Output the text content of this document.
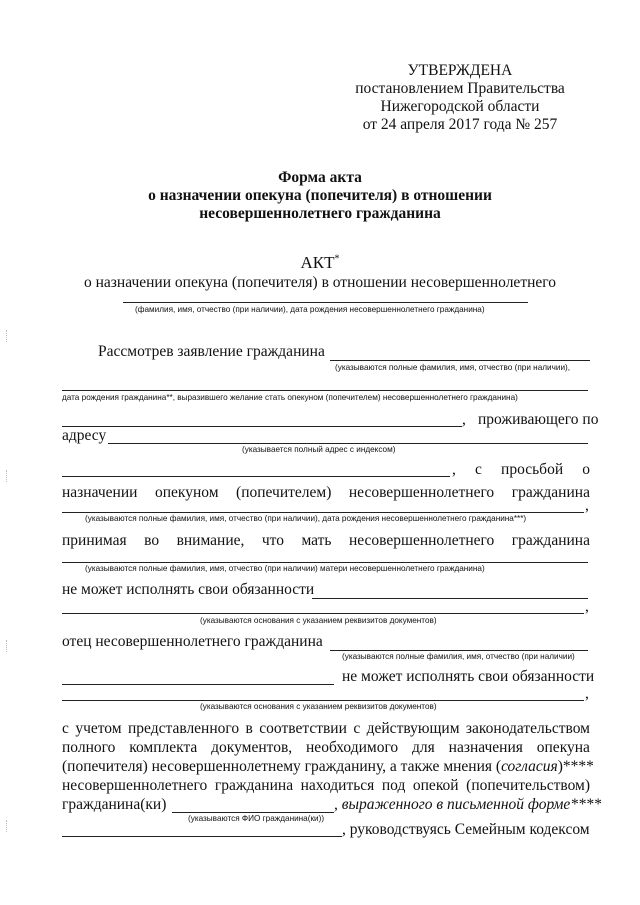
УТВЕРЖДЕНА
постановлением Правительства
Нижегородской области
от 24 апреля 2017 года № 257
Форма акта
о назначении опекуна (попечителя) в отношении
несовершеннолетнего гражданина
АКТ*
о назначении опекуна (попечителя) в отношении несовершеннолетнего
(фамилия, имя, отчество (при наличии), дата рождения несовершеннолетнего гражданина)
Рассмотрев заявление гражданина
(указываются полные фамилия, имя, отчество (при наличии),
дата рождения гражданина**, выразившего желание стать опекуном (попечителем) несовершеннолетнего гражданина)
, проживающего по
адресу
(указывается полный адрес с индексом)
, с просьбой о
назначении опекуном (попечителем) несовершеннолетнего гражданина
,
(указываются полные фамилия, имя, отчество (при наличии), дата рождения несовершеннолетнего гражданина***)
принимая во внимание, что мать несовершеннолетнего гражданина
(указываются полные фамилия, имя, отчество (при наличии) матери несовершеннолетнего гражданина)
не может исполнять свои обязанности
,
(указываются основания с указанием реквизитов документов)
отец несовершеннолетнего гражданина
(указываются полные фамилия, имя, отчество (при наличии)
не может исполнять свои обязанности
,
(указываются основания с указанием реквизитов документов)
с учетом представленного в соответствии с действующим законодательством
полного комплекта документов, необходимого для назначения опекуна
(попечителя) несовершеннолетнему гражданину, а также мнения (согласия)****
несовершеннолетнего гражданина находиться под опекой (попечительством)
гражданина(ки)	, выраженного в письменной форме****
(указываются ФИО гражданина(ки))
, руководствуясь Семейным кодексом
